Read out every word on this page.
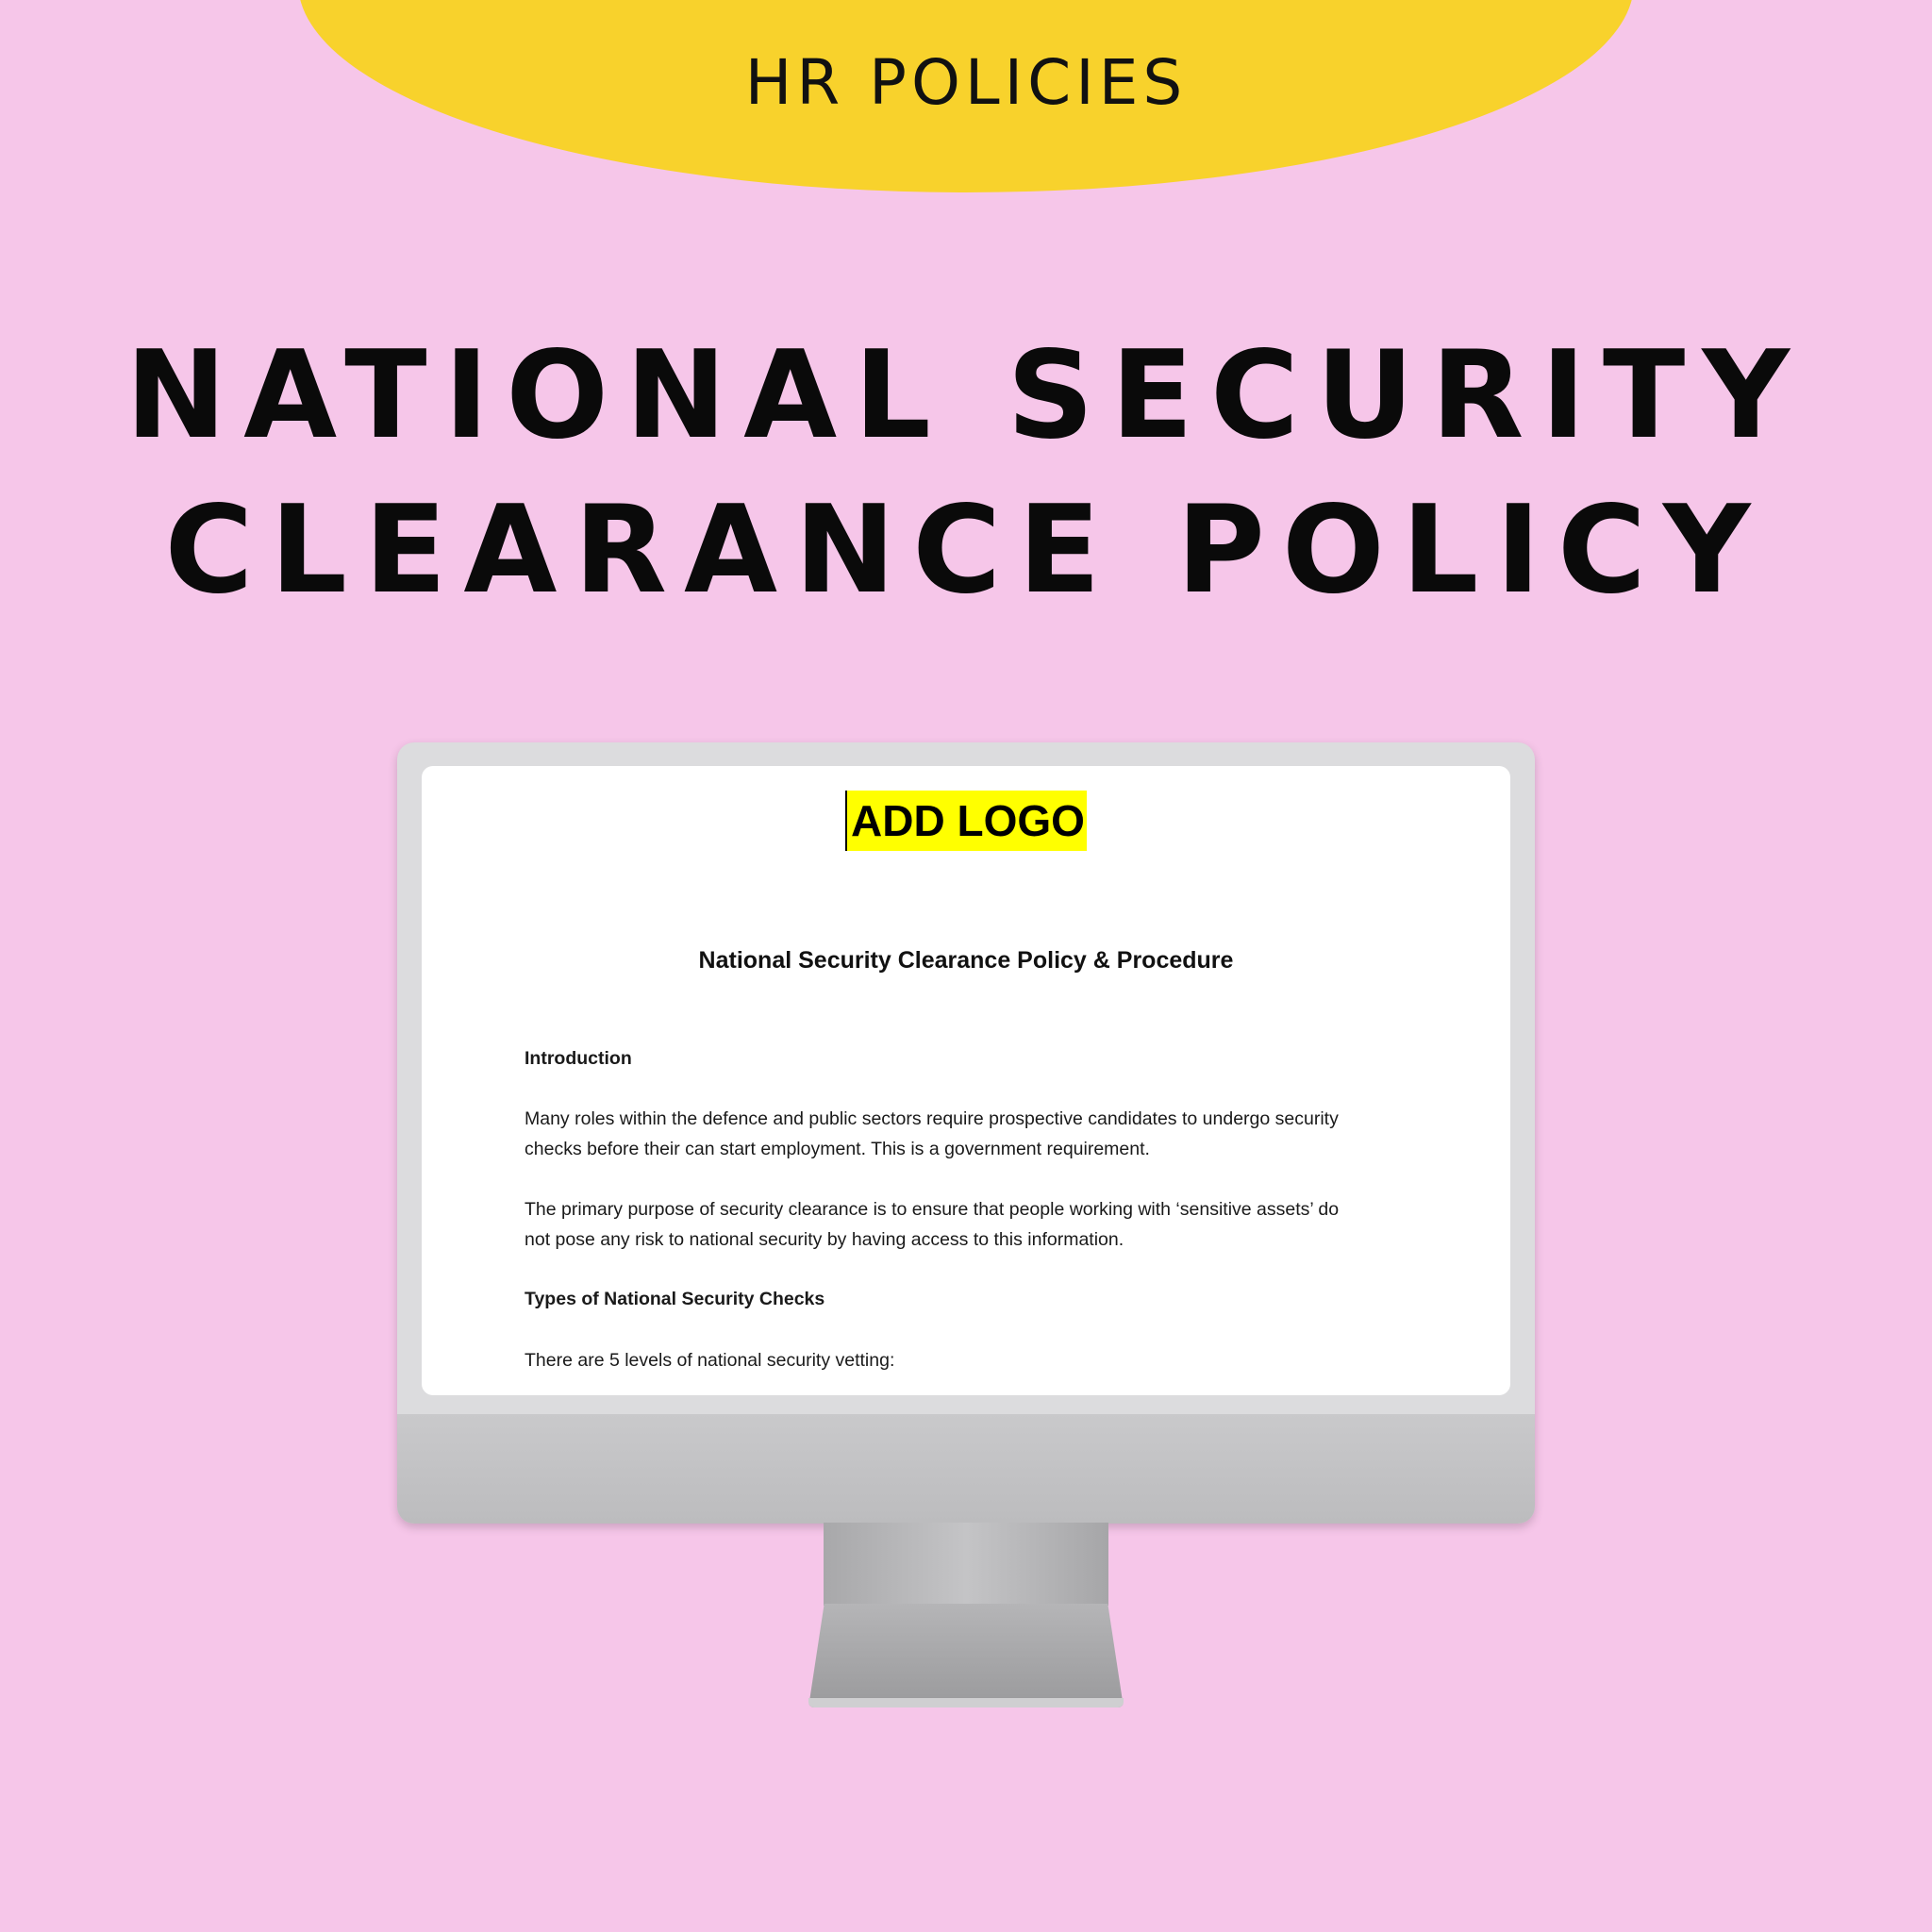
HR POLICIES
NATIONAL SECURITY
CLEARANCE POLICY
ADD LOGO
National Security Clearance Policy & Procedure
Introduction
Many roles within the defence and public sectors require prospective candidates to undergo security
checks before their can start employment. This is a government requirement.
The primary purpose of security clearance is to ensure that people working with ‘sensitive assets’ do
not pose any risk to national security by having access to this information.
Types of National Security Checks
There are 5 levels of national security vetting:
